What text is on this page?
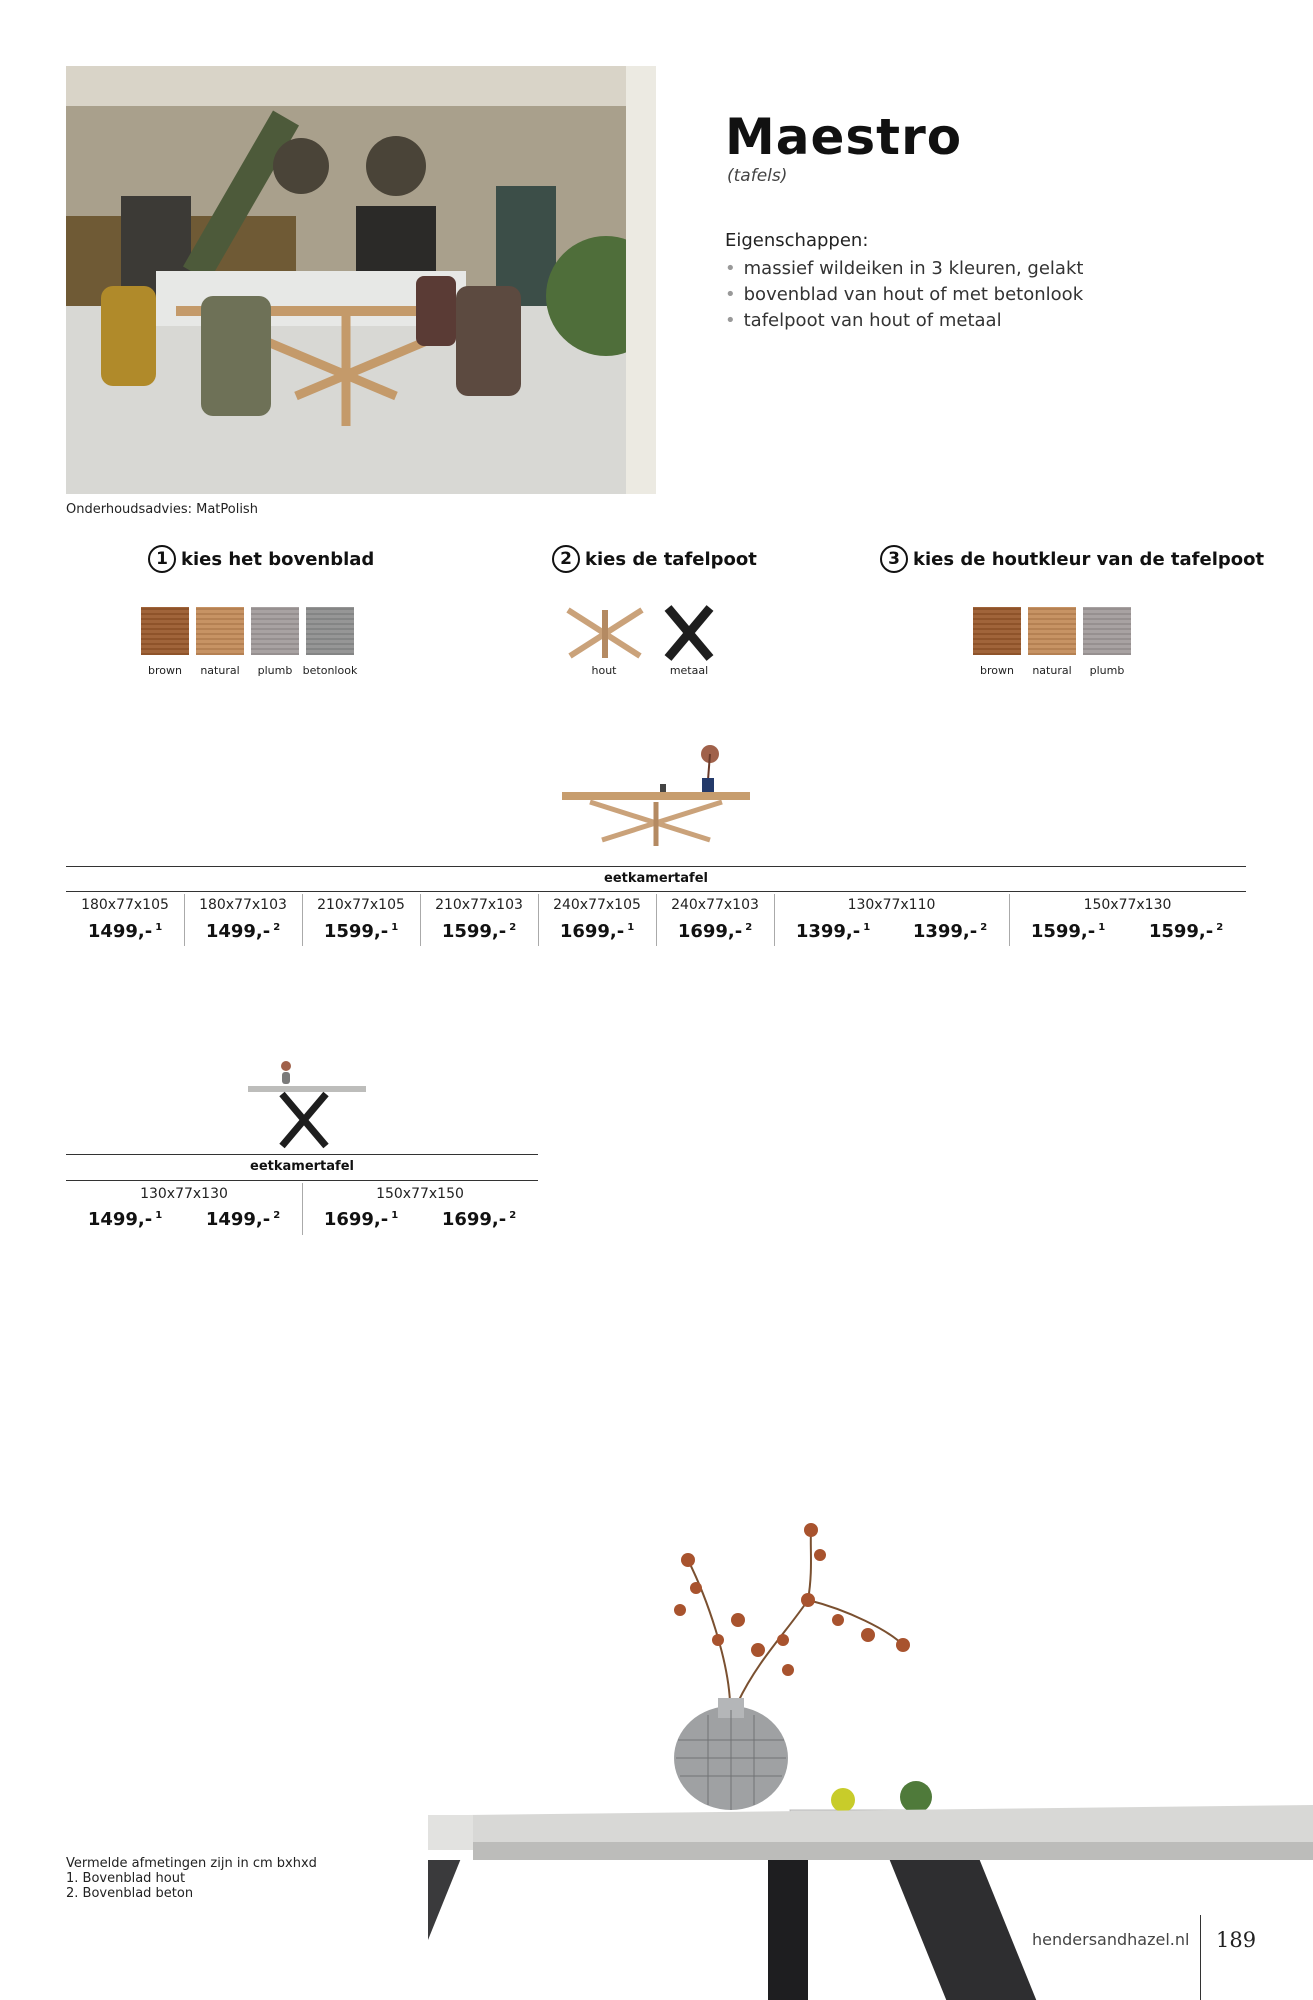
Onderhoudsadvies: MatPolish
Maestro
(tafels)
Eigenschappen:
• massief wildeiken in 3 kleuren, gelakt
• bovenblad van hout of met betonlook
• tafelpoot van hout of metaal
1 kies het bovenblad
brown	natural	plumb betonlook
2 kies de tafelpoot
hout	metaal
3 kies de houtkleur van de tafelpoot
brown	natural	plumb
eetkamertafel
180x77x105	180x77x103	210x77x105	210x77x103	240x77x105	240x77x103	130x77x110	150x77x130
1499,- $^1$	1499,- $^2$	1599,- $^1$	1599,- $^2$	1699,- $^1$	1699,- $^2$	1399,- $^1$	1399,- $^2$	1599,- $^1$	1599,- $^2$
eetkamertafel
130x77x130	150x77x150
1499,- $^1$	1499,- $^2$	1699,- $^1$	1699,- $^2$
Vermelde afmetingen zijn in cm bxhxd
1. Bovenblad hout
2. Bovenblad beton
hendersandhazel.nl 189
